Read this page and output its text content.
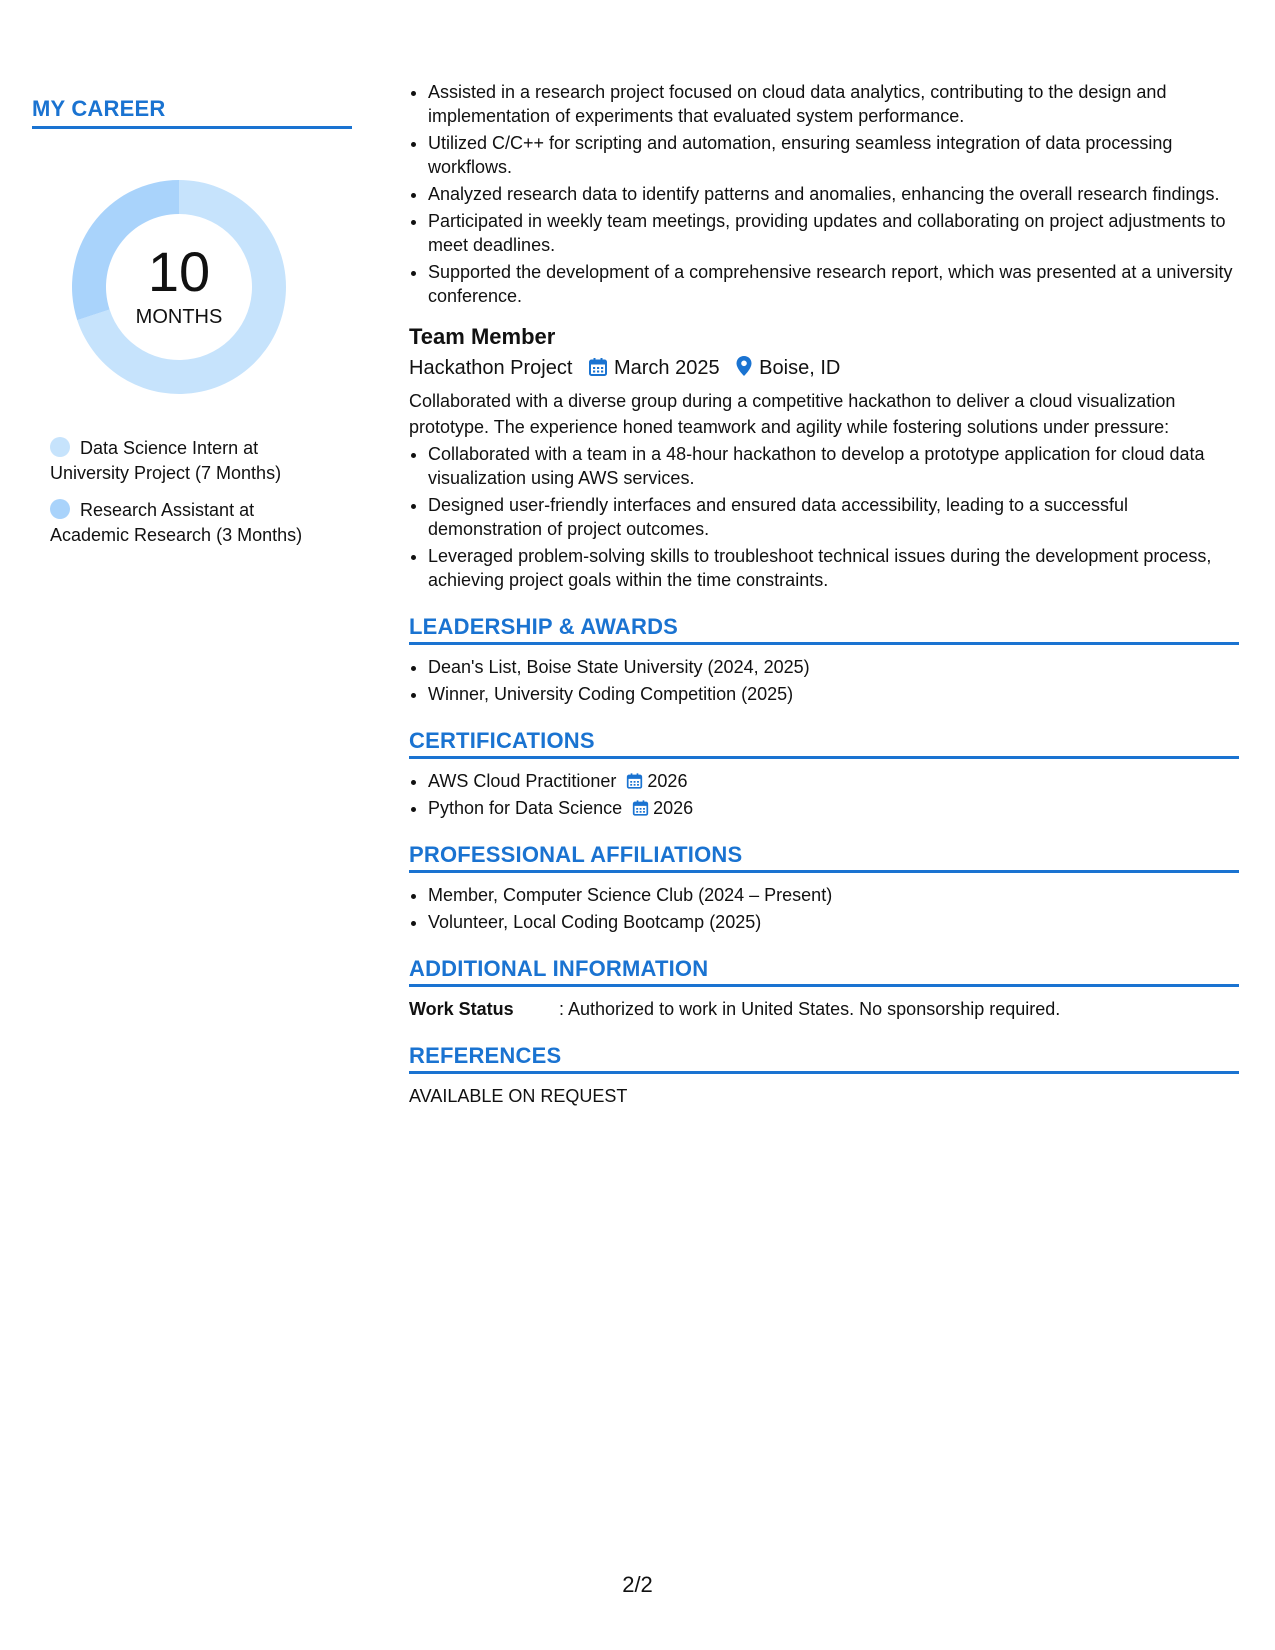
MY CAREER
10
MONTHS
Data Science Intern at University Project (7 Months)
Research Assistant at Academic Research (3 Months)
• Assisted in a research project focused on cloud data analytics, contributing to the design and implementation of experiments that evaluated system performance.
• Utilized C/C++ for scripting and automation, ensuring seamless integration of data processing workflows.
• Analyzed research data to identify patterns and anomalies, enhancing the overall research findings.
• Participated in weekly team meetings, providing updates and collaborating on project adjustments to meet deadlines.
• Supported the development of a comprehensive research report, which was presented at a university conference.
Team Member
Hackathon Project March 2025 Boise, ID
Collaborated with a diverse group during a competitive hackathon to deliver a cloud visualization prototype. The experience honed teamwork and agility while fostering solutions under pressure:
• Collaborated with a team in a 48-hour hackathon to develop a prototype application for cloud data visualization using AWS services.
• Designed user-friendly interfaces and ensured data accessibility, leading to a successful demonstration of project outcomes.
• Leveraged problem-solving skills to troubleshoot technical issues during the development process, achieving project goals within the time constraints.
LEADERSHIP & AWARDS
• Dean's List, Boise State University (2024, 2025)
• Winner, University Coding Competition (2025)
CERTIFICATIONS
• AWS Cloud Practitioner 2026
• Python for Data Science 2026
PROFESSIONAL AFFILIATIONS
• Member, Computer Science Club (2024 – Present)
• Volunteer, Local Coding Bootcamp (2025)
ADDITIONAL INFORMATION
Work Status	: Authorized to work in United States. No sponsorship required.
REFERENCES
AVAILABLE ON REQUEST
2/2
